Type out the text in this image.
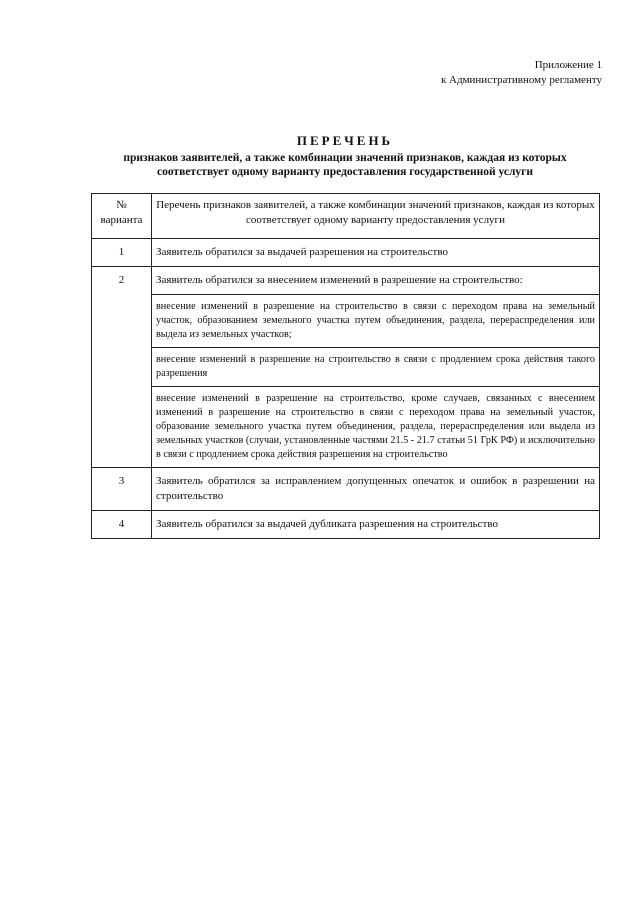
Приложение 1
к Административному регламенту
ПЕРЕЧЕНЬ
признаков заявителей, а также комбинации значений признаков, каждая из которых
соответствует одному варианту предоставления государственной услуги
№
варианта	Перечень признаков заявителей, а также комбинации значений признаков, каждая из которых соответствует одному варианту предоставления услуги
1	Заявитель обратился за выдачей разрешения на строительство
2	Заявитель обратился за внесением изменений в разрешение на строительство:
	внесение изменений в разрешение на строительство в связи с переходом права на земельный участок, образованием земельного участка путем объединения, раздела, перераспределения или выдела из земельных участков;
	внесение изменений в разрешение на строительство в связи с продлением срока действия такого разрешения
	внесение изменений в разрешение на строительство, кроме случаев, связанных с внесением изменений в разрешение на строительство в связи с переходом права на земельный участок, образование земельного участка путем объединения, раздела, перераспределения или выдела из земельных участков (случаи, установленные частями 21.5 - 21.7 статьи 51 ГрК РФ) и исключительно в связи с продлением срока действия разрешения на строительство
3	Заявитель обратился за исправлением допущенных опечаток и ошибок в разрешении на строительство
4	Заявитель обратился за выдачей дубликата разрешения на строительство
